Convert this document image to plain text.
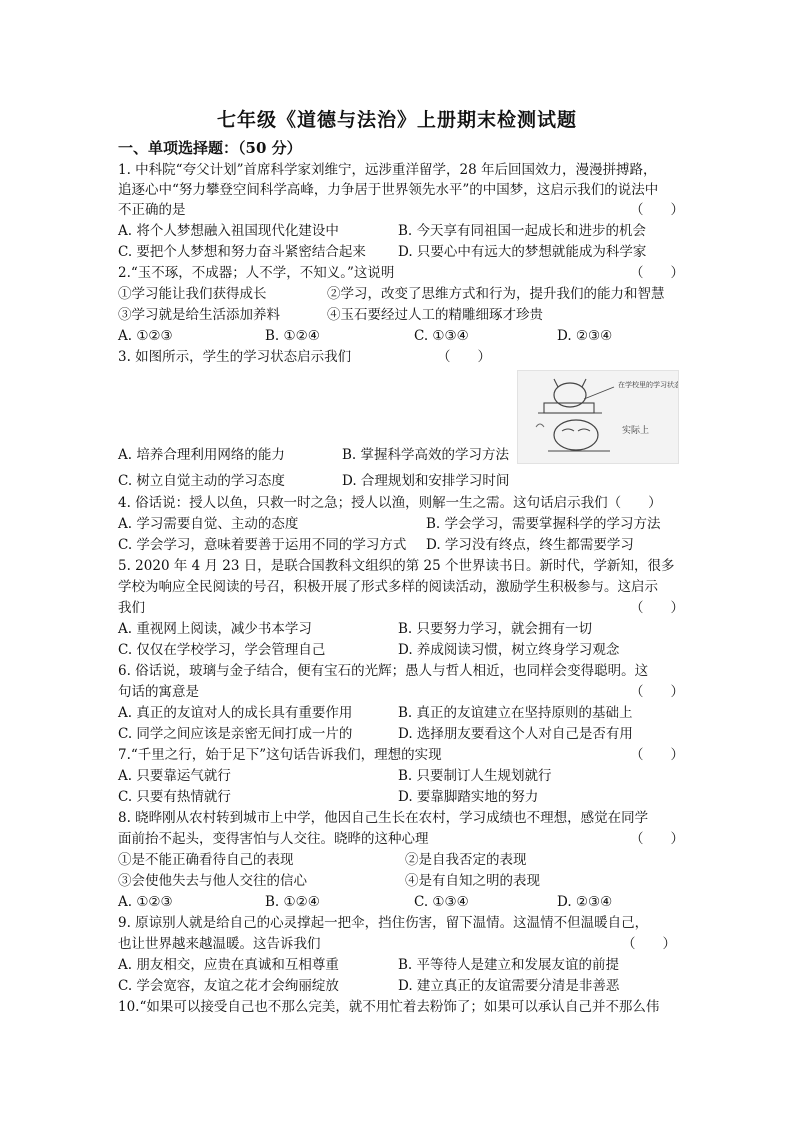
七年级《道德与法治》上册期末检测试题
一、单项选择题：（50 分）
1. 中科院“夸父计划”首席科学家刘维宁，远涉重洋留学，28 年后回国效力，漫漫拼搏路，
追逐心中“努力攀登空间科学高峰，力争居于世界领先水平”的中国梦，这启示我们的说法中
不正确的是	（　　）
A. 将个人梦想融入祖国现代化建设中	B. 今天享有同祖国一起成长和进步的机会
C. 要把个人梦想和努力奋斗紧密结合起来 D. 只要心中有远大的梦想就能成为科学家
2.“玉不琢，不成器；人不学，不知义。”这说明	（　　）
①学习能让我们获得成长	②学习，改变了思维方式和行为，提升我们的能力和智慧
③学习就是给生活添加养料	④玉石要经过人工的精雕细琢才珍贵
A. ①②③	B. ①②④	C. ①③④	D. ②③④
3. 如图所示，学生的学习状态启示我们	（　　）
在学校里的学习状态
实际上
A. 培养合理利用网络的能力	B. 掌握科学高效的学习方法
C. 树立自觉主动的学习态度	D. 合理规划和安排学习时间
4. 俗话说：授人以鱼，只救一时之急；授人以渔，则解一生之需。这句话启示我们（　　）
A. 学习需要自觉、主动的态度	B. 学会学习，需要掌握科学的学习方法
C. 学会学习，意味着要善于运用不同的学习方式 D. 学习没有终点，终生都需要学习
5. 2020 年 4 月 23 日，是联合国教科文组织的第 25 个世界读书日。新时代，学新知，很多
学校为响应全民阅读的号召，积极开展了形式多样的阅读活动，激励学生积极参与。这启示
我们	（　　）
A. 重视网上阅读，减少书本学习	B. 只要努力学习，就会拥有一切
C. 仅仅在学校学习，学会管理自己	D. 养成阅读习惯，树立终身学习观念
6. 俗话说，玻璃与金子结合，便有宝石的光辉；愚人与哲人相近，也同样会变得聪明。这
句话的寓意是	（　　）
A. 真正的友谊对人的成长具有重要作用	B. 真正的友谊建立在坚持原则的基础上
C. 同学之间应该是亲密无间打成一片的	D. 选择朋友要看这个人对自己是否有用
7.“千里之行，始于足下”这句话告诉我们，理想的实现	（　　）
A. 只要靠运气就行	B. 只要制订人生规划就行
C. 只要有热情就行	D. 要靠脚踏实地的努力
8. 晓晔刚从农村转到城市上中学，他因自己生长在农村，学习成绩也不理想，感觉在同学
面前抬不起头，变得害怕与人交往。晓晔的这种心理	（　　）
①是不能正确看待自己的表现	②是自我否定的表现
③会使他失去与他人交往的信心	④是有自知之明的表现
A. ①②③	B. ①②④	C. ①③④	D. ②③④
9. 原谅别人就是给自己的心灵撑起一把伞，挡住伤害，留下温情。这温情不但温暖自己，
也让世界越来越温暖。这告诉我们	（　　）
A. 朋友相交，应贵在真诚和互相尊重	B. 平等待人是建立和发展友谊的前提
C. 学会宽容，友谊之花才会绚丽绽放	D. 建立真正的友谊需要分清是非善恶
10.“如果可以接受自己也不那么完美，就不用忙着去粉饰了；如果可以承认自己并不那么伟
